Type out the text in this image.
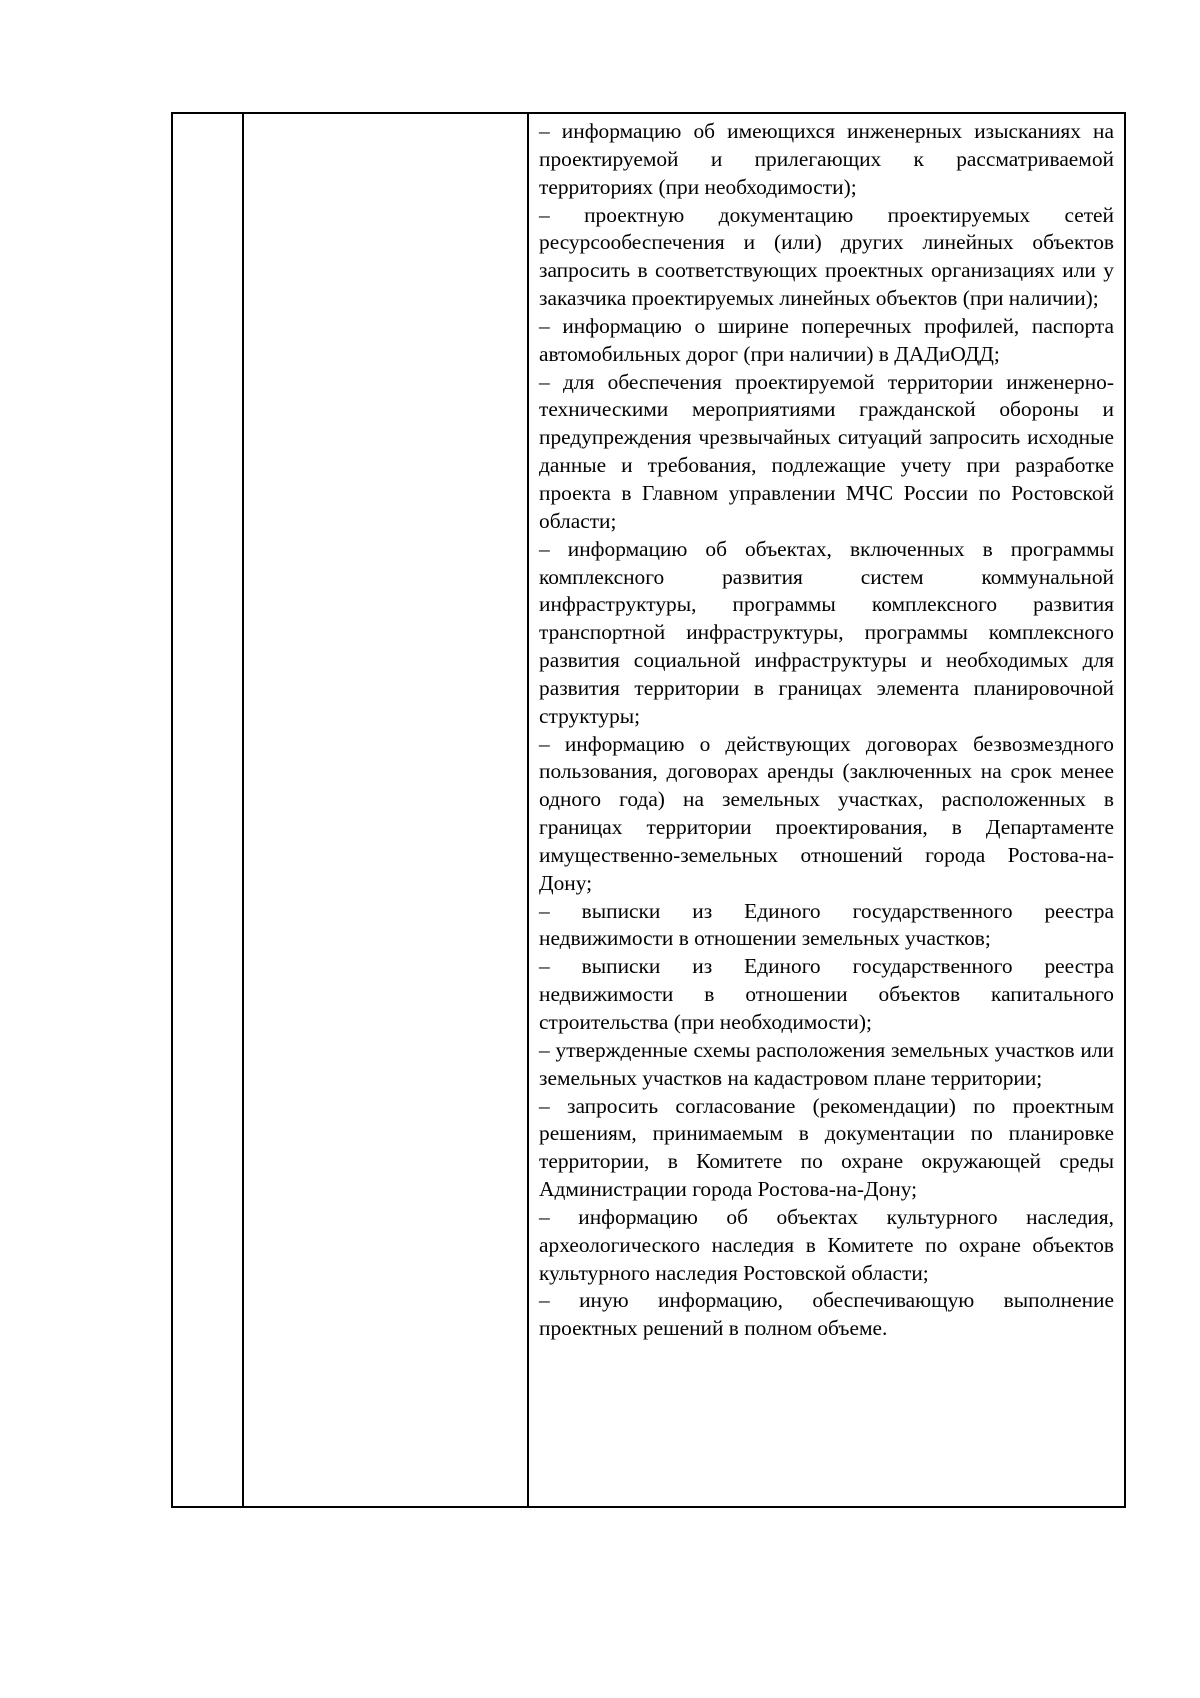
– информацию об имеющихся инженерных изысканиях на проектируемой и прилегающих к рассматриваемой территориях (при необходимости);

– проектную документацию проектируемых сетей ресурсообеспечения и (или) других линейных объектов запросить в соответствующих проектных организациях или у заказчика проектируемых линейных объектов (при наличии);

– информацию о ширине поперечных профилей, паспорта автомобильных дорог (при наличии) в ДАДиОДД;

– для обеспечения проектируемой территории инженерно-техническими мероприятиями гражданской обороны и предупреждения чрезвычайных ситуаций запросить исходные данные и требования, подлежащие учету при разработке проекта в Главном управлении МЧС России по Ростовской области;

– информацию об объектах, включенных в программы комплексного развития систем коммунальной инфраструктуры, программы комплексного развития транспортной инфраструктуры, программы комплексного развития социальной инфраструктуры и необходимых для развития территории в границах элемента планировочной структуры;

– информацию о действующих договорах безвозмездного пользования, договорах аренды (заключенных на срок менее одного года) на земельных участках, расположенных в границах территории проектирования, в Департаменте имущественно-земельных отношений города Ростова-на-Дону;

– выписки из Единого государственного реестра недвижимости в отношении земельных участков;

– выписки из Единого государственного реестра недвижимости в отношении объектов капитального строительства (при необходимости);

– утвержденные схемы расположения земельных участков или земельных участков на кадастровом плане территории;

– запросить согласование (рекомендации) по проектным решениям, принимаемым в документации по планировке территории, в Комитете по охране окружающей среды Администрации города Ростова-на-Дону;

– информацию об объектах культурного наследия, археологического наследия в Комитете по охране объектов культурного наследия Ростовской области;

– иную информацию, обеспечивающую выполнение проектных решений в полном объеме.
